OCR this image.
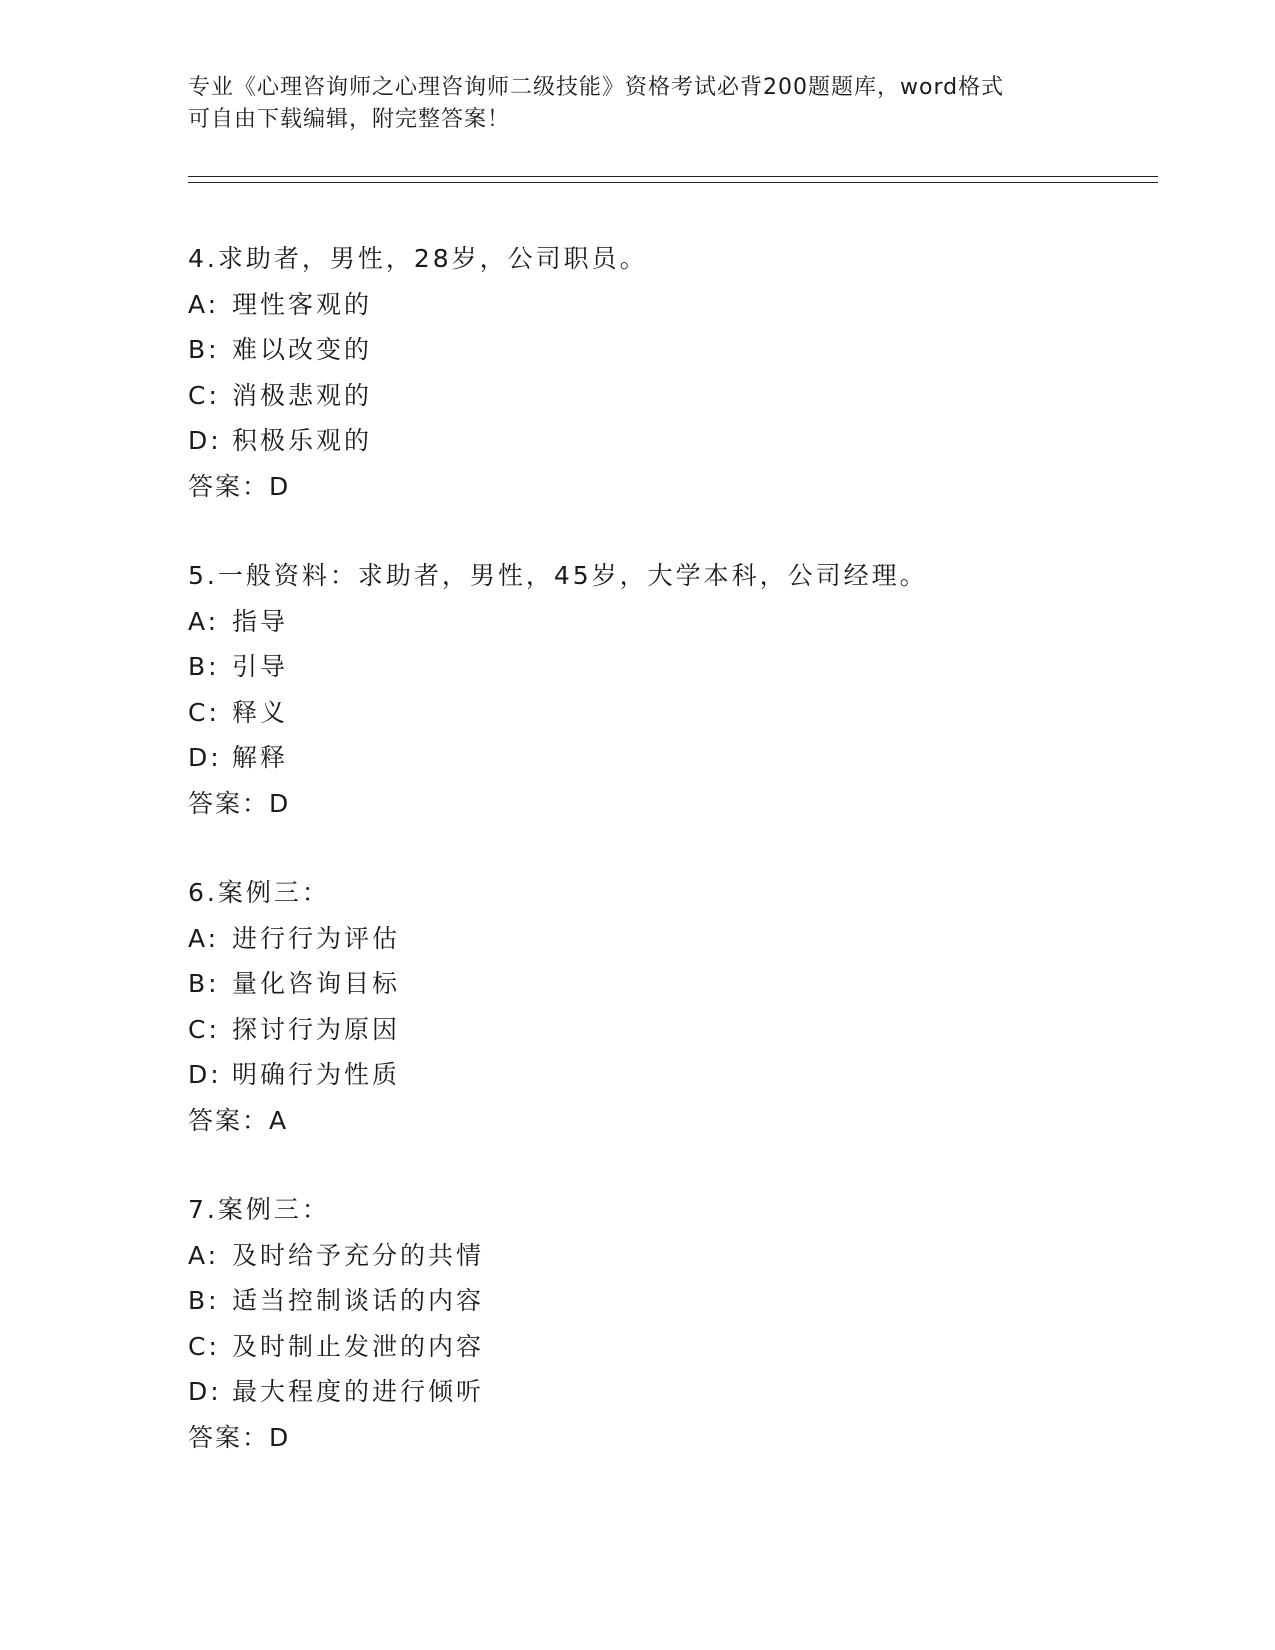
专业《心理咨询师之心理咨询师二级技能》资格考试必背200题题库，word格式
可自由下载编辑，附完整答案！
4.求助者，男性，28岁，公司职员。
A: 理性客观的
B: 难以改变的
C: 消极悲观的
D: 积极乐观的
答案：D
5.一般资料：求助者，男性，45岁，大学本科，公司经理。
A: 指导
B: 引导
C: 释义
D: 解释
答案：D
6.案例三：
A: 进行行为评估
B: 量化咨询目标
C: 探讨行为原因
D: 明确行为性质
答案：A
7.案例三：
A: 及时给予充分的共情
B: 适当控制谈话的内容
C: 及时制止发泄的内容
D: 最大程度的进行倾听
答案：D
